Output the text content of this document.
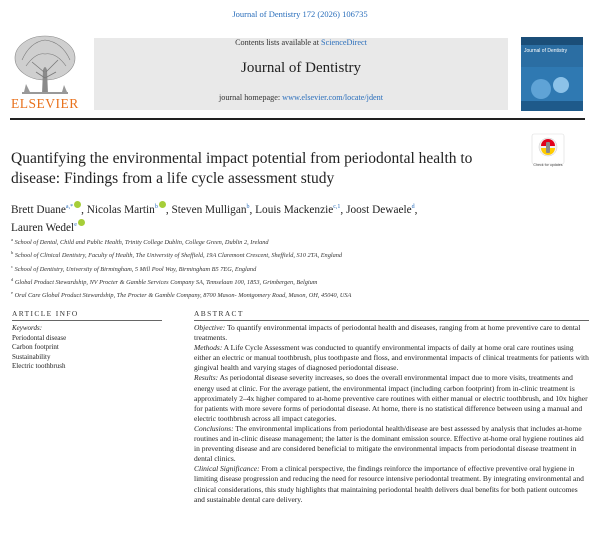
Journal of Dentistry 172 (2026) 106735
ELSEVIER
Contents lists available at ScienceDirect
Journal of Dentistry
journal homepage: www.elsevier.com/locate/jdent
Journal of Dentistry
Check for updates
Quantifying the environmental impact potential from periodontal health to disease: Findings from a life cycle assessment study
Brett Duane$^{a,*}$ , Nicolas Martin$^b$ , Steven Mulligan$^b$, Louis Mackenzie$^{c,1}$, Joost Dewaele$^d$,
Lauren Wedel$^e$
$^a$ School of Dental, Child and Public Health, Trinity College Dublin, College Green, Dublin 2, Ireland
$^b$ School of Clinical Dentistry, Faculty of Health, The University of Sheffield, 19A Claremont Crescent, Sheffield, S10 2TA, England
$^c$ School of Dentistry, University of Birmingham, 5 Mill Pool Way, Birmingham B5 7EG, England
$^d$ Global Product Stewardship, NV Procter & Gamble Services Company SA, Temselaan 100, 1853, Grimbergen, Belgium
$^e$ Oral Care Global Product Stewardship, The Procter & Gamble Company, 8700 Mason- Montgomery Road, Mason, OH, 45040, USA
ARTICLE INFO	ABSTRACT
Keywords:
Periodontal disease
Carbon footprint
Sustainability
Electric toothbrush

Objective: To quantify environmental impacts of periodontal health and diseases, ranging from at home preventive care to dental treatments.

Methods: A Life Cycle Assessment was conducted to quantify environmental impacts of daily at home oral care routines using either an electric or manual toothbrush, plus toothpaste and floss, and environmental impacts of clinical treatments for patients with gingival health and varying stages of diagnosed periodontal disease.

Results: As periodontal disease severity increases, so does the overall environmental impact due to more visits, treatments and energy used at clinic. For the average patient, the environmental impact (including carbon footprint) from in-clinic treatment is approximately 2–4x higher compared to at-home preventive care routines with either manual or electric toothbrush, and 10x higher for patients with more severe forms of periodontal disease. At home, there is no statistical difference between using a manual and electric toothbrush across all impact categories.

Conclusions: The environmental implications from periodontal health/disease are best assessed by analysis that includes at-home routines and in-clinic disease management; the latter is the dominant emission source. Effective at-home oral hygiene routines aid in preventing disease and are considered beneficial to mitigate the environmental impacts from periodontal disease treatment in dental clinics.

Clinical Significance: From a clinical perspective, the findings reinforce the importance of effective preventive oral hygiene in limiting disease progression and reducing the need for resource intensive periodontal treatment. By integrating environmental and clinical considerations, this study highlights that maintaining periodontal health delivers dual benefits for both patient outcomes and sustainable dental care delivery.
